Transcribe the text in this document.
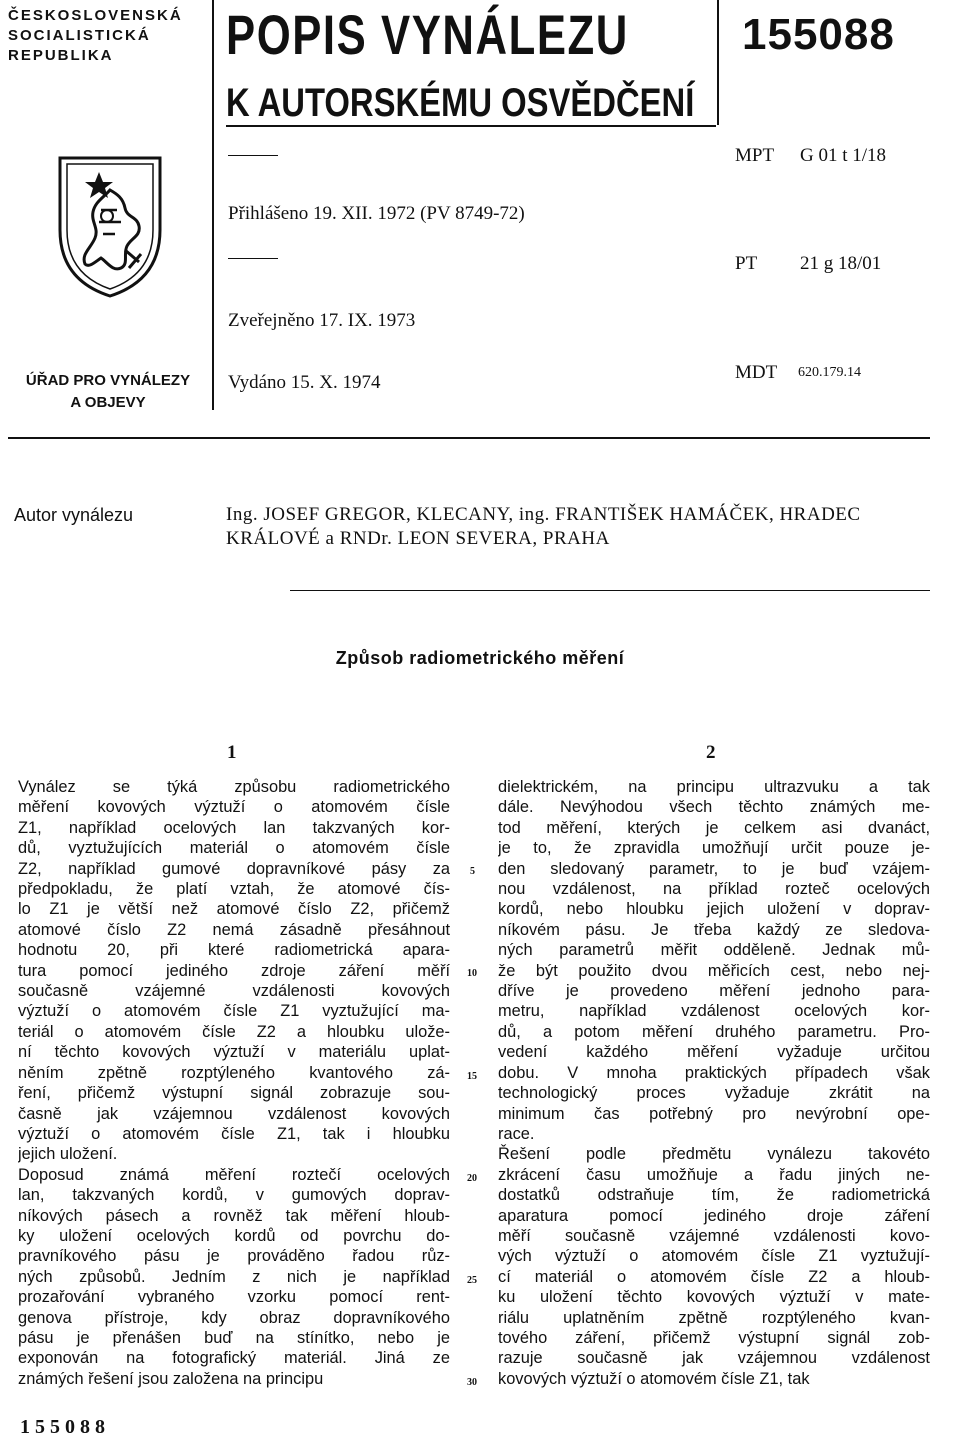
ČESKOSLOVENSKÁ
SOCIALISTICKÁ
REPUBLIKA	POPIS VYNÁLEZU
K AUTORSKÉMU OSVĚDČENÍ
155088
Přihlášeno 19. XII. 1972 (PV 8749-72)
Zveřejněno 17. IX. 1973
Vydáno 15. X. 1974
MPT G 01 t 1/18
PT 21 g 18/01
MDT 620.179.14
ÚŘAD PRO VYNÁLEZY
A OBJEVY
Autor vynálezu	Ing. JOSEF GREGOR, KLECANY, ing. FRANTIŠEK HAMÁČEK, HRADEC
KRÁLOVÉ a RNDr. LEON SEVERA, PRAHA
Způsob radiometrického měření
1	2
Vynález se týká způsobu radiometrického
měření kovových výztuží o atomovém čísle
Z1, například ocelových lan takzvaných kor-
dů, vyztužujících materiál o atomovém čísle
Z2, například gumové dopravníkové pásy za
předpokladu, že platí vztah, že atomové čís-
lo Z1 je větší než atomové číslo Z2, přičemž
atomové číslo Z2 nemá zásadně přesáhnout
hodnotu 20, při které radiometrická apara-
tura pomocí jediného zdroje záření měří
současně vzájemné vzdálenosti kovových
výztuží o atomovém čísle Z1 vyztužující ma-
teriál o atomovém čísle Z2 a hloubku ulože-
ní těchto kovových výztuží v materiálu uplat-
něním zpětně rozptýleného kvantového zá-
ření, přičemž výstupní signál zobrazuje sou-
časně jak vzájemnou vzdálenost kovových
výztuží o atomovém čísle Z1, tak i hloubku
jejich uložení.
Doposud známá měření roztečí ocelových
lan, takzvaných kordů, v gumových doprav-
níkových pásech a rovněž tak měření hloub-
ky uložení ocelových kordů od povrchu do-
pravníkového pásu je prováděno řadou růz-
ných způsobů. Jedním z nich je například
prozařování vybraného vzorku pomocí rent-
genova přístroje, kdy obraz dopravníkového
pásu je přenášen buď na stínítko, nebo je
exponován na fotografický materiál. Jiná ze
známých řešení jsou založena na principu
dielektrickém, na principu ultrazvuku a tak
dále. Nevýhodou všech těchto známých me-
tod měření, kterých je celkem asi dvanáct,
je to, že zpravidla umožňují určit pouze je-
den sledovaný parametr, to je buď vzájem-
nou vzdálenost, na příklad rozteč ocelových
kordů, nebo hloubku jejich uložení v doprav-
níkovém pásu. Je třeba každý ze sledova-
ných parametrů měřit odděleně. Jednak mů-
že být použito dvou měřicích cest, nebo nej-
dříve je provedeno měření jednoho para-
metru, například vzdálenost ocelových kor-
dů, a potom měření druhého parametru. Pro-
vedení každého měření vyžaduje určitou
dobu. V mnoha praktických případech však
technologický proces vyžaduje zkrátit na
minimum čas potřebný pro nevýrobní ope-
race.
Řešení podle předmětu vynálezu takovéto
zkrácení času umožňuje a řadu jiných ne-
dostatků odstraňuje tím, že radiometrická
aparatura pomocí jediného droje záření
měří současně vzájemné vzdálenosti kovo-
vých výztuží o atomovém čísle Z1 vyztužují-
cí materiál o atomovém čísle Z2 a hloub-
ku uložení těchto kovových výztuží v mate-
riálu uplatněním zpětně rozptýleného kvan-
tového záření, přičemž výstupní signál zob-
razuje současně jak vzájemnou vzdálenost
kovových výztuží o atomovém čísle Z1, tak
5
10
15
20
25
30
155088
